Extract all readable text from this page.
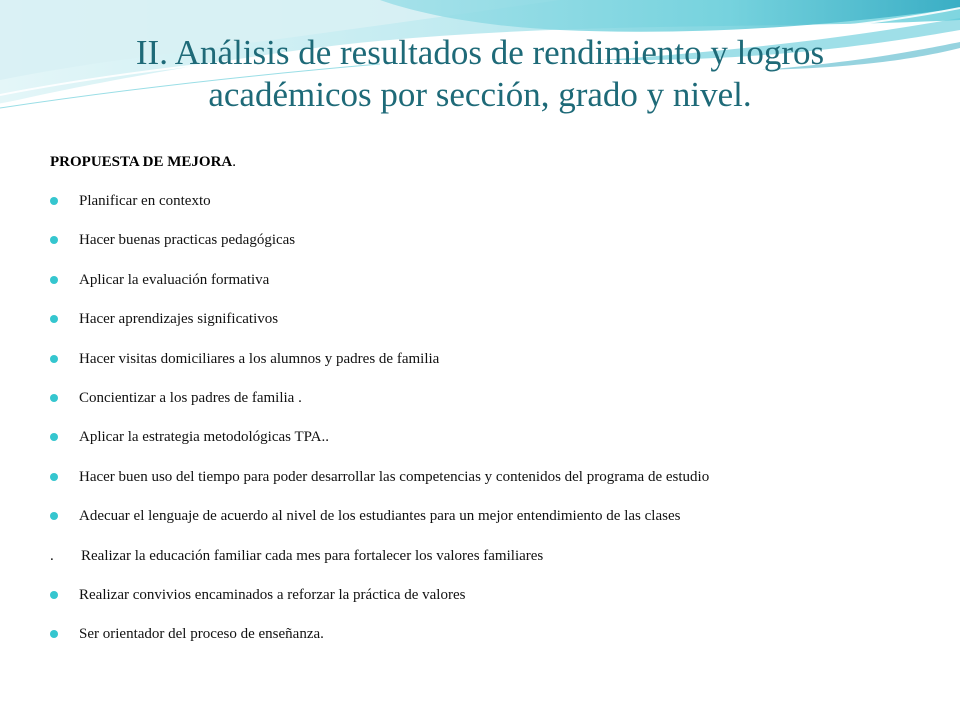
II. Análisis de resultados de rendimiento y logros
académicos por sección, grado y nivel.
PROPUESTA DE MEJORA.
Planificar en contexto
Hacer buenas practicas pedagógicas
Aplicar la evaluación formativa
Hacer aprendizajes significativos
Hacer visitas domiciliares a los alumnos y padres de familia
Concientizar a los padres de familia .
Aplicar la estrategia metodológicas TPA..
Hacer buen uso del tiempo para poder desarrollar las competencias y contenidos del programa de estudio
Adecuar el lenguaje de acuerdo al nivel de los estudiantes para un mejor entendimiento de las clases
. Realizar la educación familiar cada mes para fortalecer los valores familiares
Realizar convivios encaminados a reforzar la práctica de valores
Ser orientador del proceso de enseñanza.
